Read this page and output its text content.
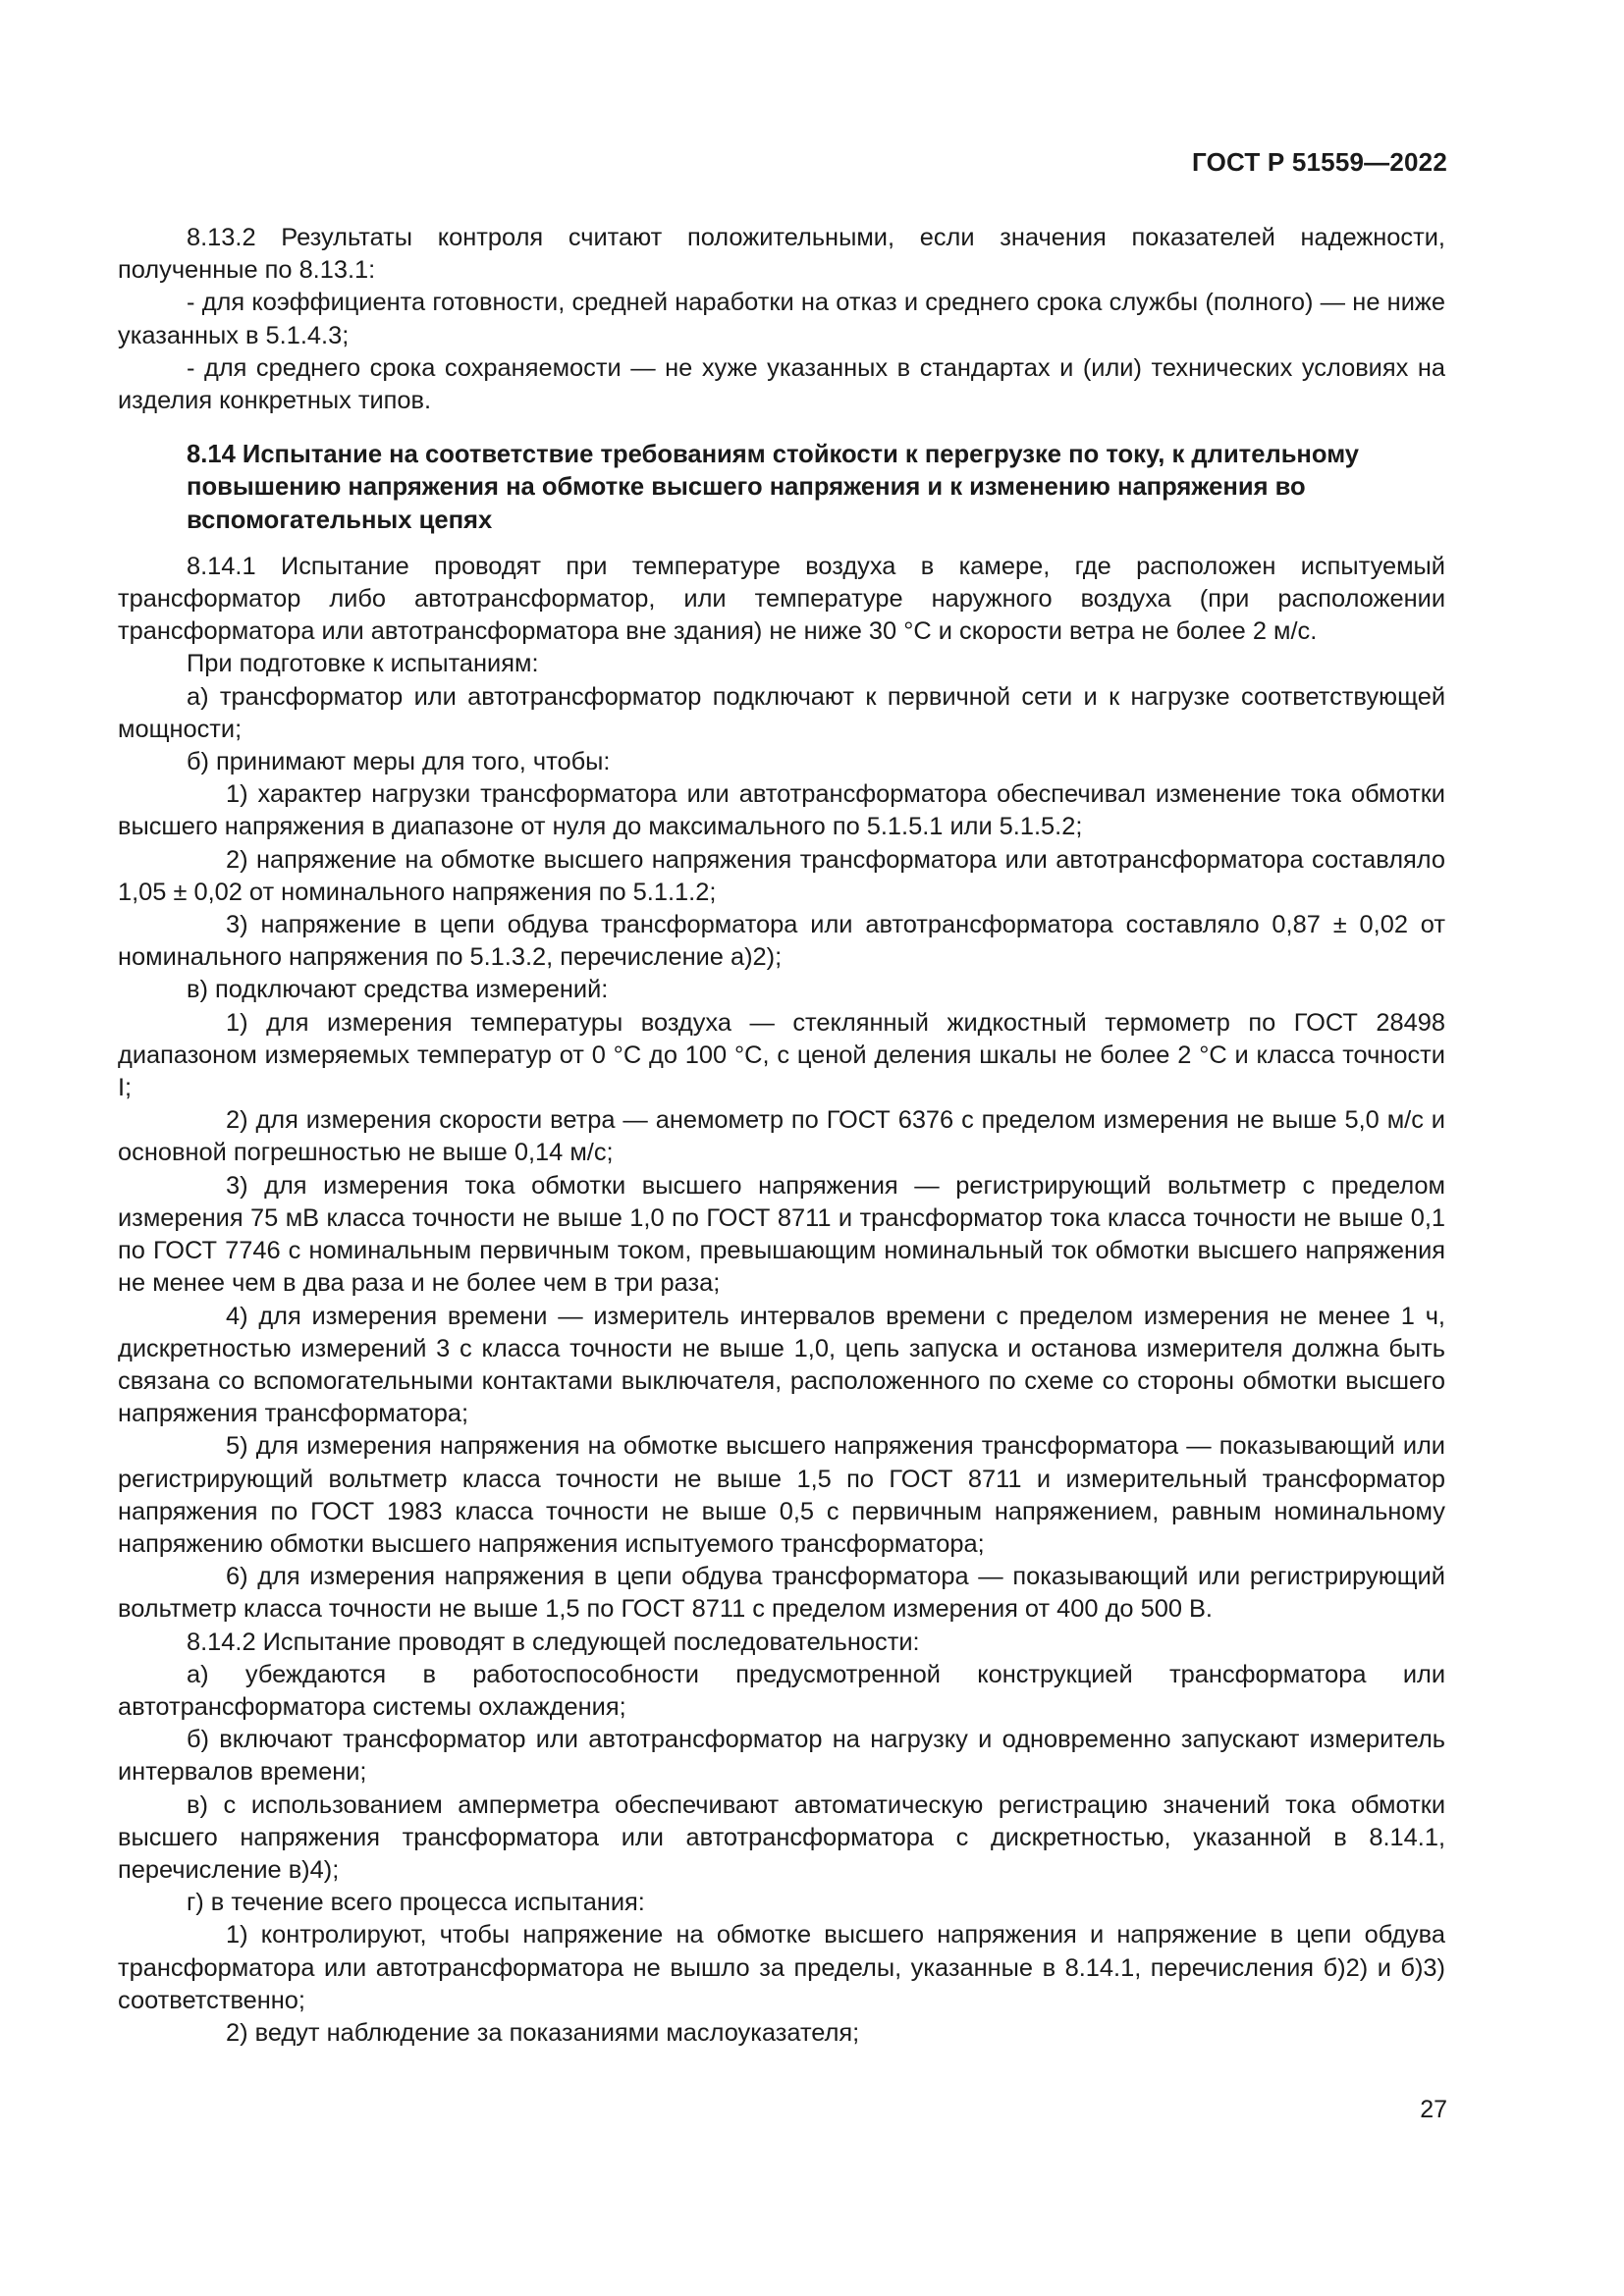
ГОСТ Р 51559—2022

8.13.2 Результаты контроля считают положительными, если значения показателей надежности, полученные по 8.13.1:

- для коэффициента готовности, средней наработки на отказ и среднего срока службы (полного) — не ниже указанных в 5.1.4.3;

- для среднего срока сохраняемости — не хуже указанных в стандартах и (или) технических условиях на изделия конкретных типов.

8.14 Испытание на соответствие требованиям стойкости к перегрузке по току, к длительному повышению напряжения на обмотке высшего напряжения и к изменению напряжения во вспомогательных цепях

8.14.1 Испытание проводят при температуре воздуха в камере, где расположен испытуемый трансформатор либо автотрансформатор, или температуре наружного воздуха (при расположении трансформатора или автотрансформатора вне здания) не ниже 30 °С и скорости ветра не более 2 м/с.

При подготовке к испытаниям:

а) трансформатор или автотрансформатор подключают к первичной сети и к нагрузке соответствующей мощности;

б) принимают меры для того, чтобы:

1) характер нагрузки трансформатора или автотрансформатора обеспечивал изменение тока обмотки высшего напряжения в диапазоне от нуля до максимального по 5.1.5.1 или 5.1.5.2;

2) напряжение на обмотке высшего напряжения трансформатора или автотрансформатора составляло 1,05 ± 0,02 от номинального напряжения по 5.1.1.2;

3) напряжение в цепи обдува трансформатора или автотрансформатора составляло 0,87 ± 0,02 от номинального напряжения по 5.1.3.2, перечисление а)2);

в) подключают средства измерений:

1) для измерения температуры воздуха — стеклянный жидкостный термометр по ГОСТ 28498 диапазоном измеряемых температур от 0 °С до 100 °С, с ценой деления шкалы не более 2 °С и класса точности I;

2) для измерения скорости ветра — анемометр по ГОСТ 6376 с пределом измерения не выше 5,0 м/с и основной погрешностью не выше 0,14 м/с;

3) для измерения тока обмотки высшего напряжения — регистрирующий вольтметр с пределом измерения 75 мВ класса точности не выше 1,0 по ГОСТ 8711 и трансформатор тока класса точности не выше 0,1 по ГОСТ 7746 с номинальным первичным током, превышающим номинальный ток обмотки высшего напряжения не менее чем в два раза и не более чем в три раза;

4) для измерения времени — измеритель интервалов времени с пределом измерения не менее 1 ч, дискретностью измерений 3 с класса точности не выше 1,0, цепь запуска и останова измерителя должна быть связана со вспомогательными контактами выключателя, расположенного по схеме со стороны обмотки высшего напряжения трансформатора;

5) для измерения напряжения на обмотке высшего напряжения трансформатора — показывающий или регистрирующий вольтметр класса точности не выше 1,5 по ГОСТ 8711 и измерительный трансформатор напряжения по ГОСТ 1983 класса точности не выше 0,5 с первичным напряжением, равным номинальному напряжению обмотки высшего напряжения испытуемого трансформатора;

6) для измерения напряжения в цепи обдува трансформатора — показывающий или регистрирующий вольтметр класса точности не выше 1,5 по ГОСТ 8711 с пределом измерения от 400 до 500 В.

8.14.2 Испытание проводят в следующей последовательности:

а) убеждаются в работоспособности предусмотренной конструкцией трансформатора или автотрансформатора системы охлаждения;

б) включают трансформатор или автотрансформатор на нагрузку и одновременно запускают измеритель интервалов времени;

в) с использованием амперметра обеспечивают автоматическую регистрацию значений тока обмотки высшего напряжения трансформатора или автотрансформатора с дискретностью, указанной в 8.14.1, перечисление в)4);

г) в течение всего процесса испытания:

1) контролируют, чтобы напряжение на обмотке высшего напряжения и напряжение в цепи обдува трансформатора или автотрансформатора не вышло за пределы, указанные в 8.14.1, перечисления б)2) и б)3) соответственно;

2) ведут наблюдение за показаниями маслоуказателя;

27
